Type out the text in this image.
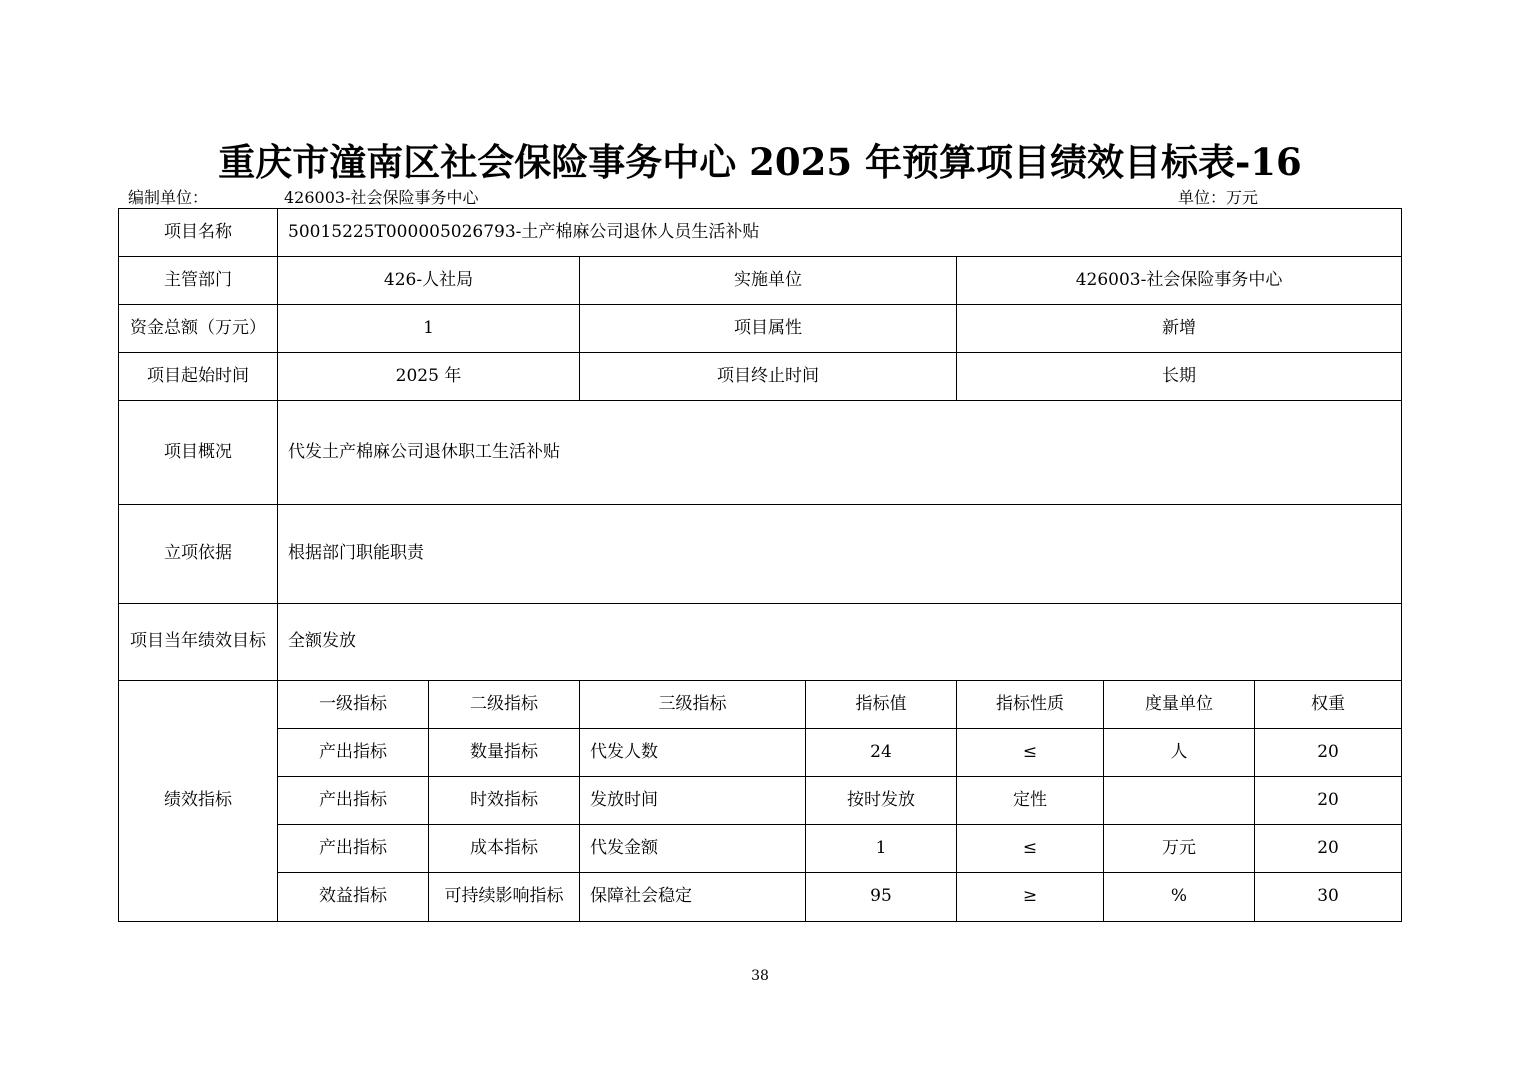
重庆市潼南区社会保险事务中心 2025 年预算项目绩效目标表-16
编制单位：	426003-社会保险事务中心	单位：万元
项目名称	50015225T000005026793-土产棉麻公司退休人员生活补贴						
主管部门	426-人社局		实施单位		426003-社会保险事务中心		
资金总额（万元）	1		项目属性		新增		
项目起始时间	2025 年		项目终止时间		长期		
项目概况	代发土产棉麻公司退休职工生活补贴						
立项依据	根据部门职能职责						
项目当年绩效目标	全额发放						
绩效指标	一级指标	二级指标	三级指标	指标值	指标性质	度量单位	权重
	产出指标	数量指标	代发人数	24	≤	人	20
	产出指标	时效指标	发放时间	按时发放	定性		20
	产出指标	成本指标	代发金额	1	≤	万元	20
	效益指标	可持续影响指标	保障社会稳定	95	≥	%	30
38
